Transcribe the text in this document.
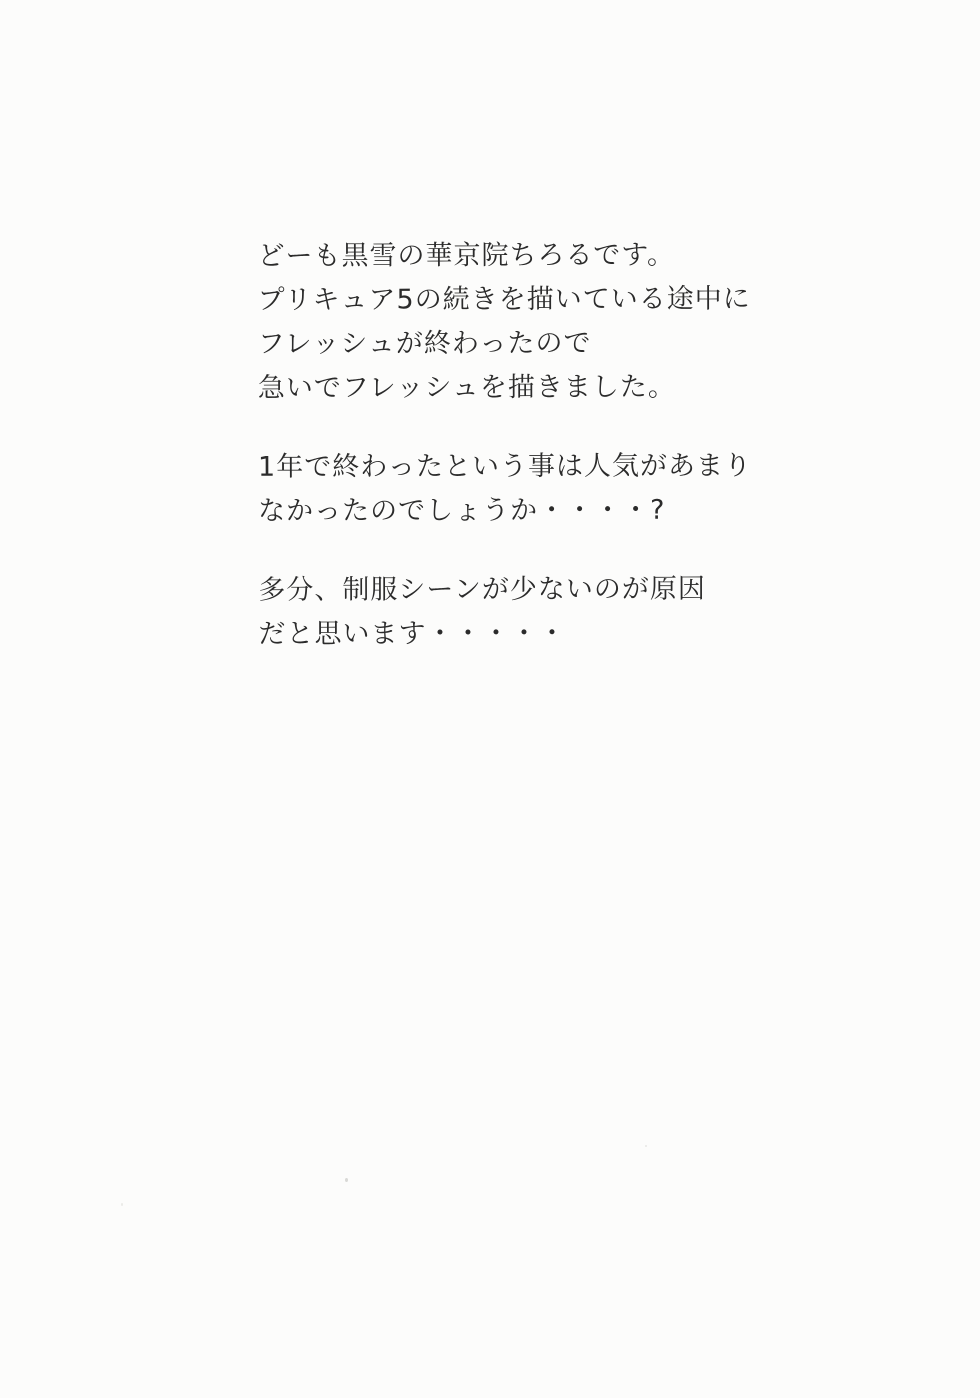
どーも黒雪の華京院ちろるです。
プリキュア5の続きを描いている途中に
フレッシュが終わったので
急いでフレッシュを描きました。

1年で終わったという事は人気があまり
なかったのでしょうか・・・・?

多分、制服シーンが少ないのが原因
だと思います・・・・・
